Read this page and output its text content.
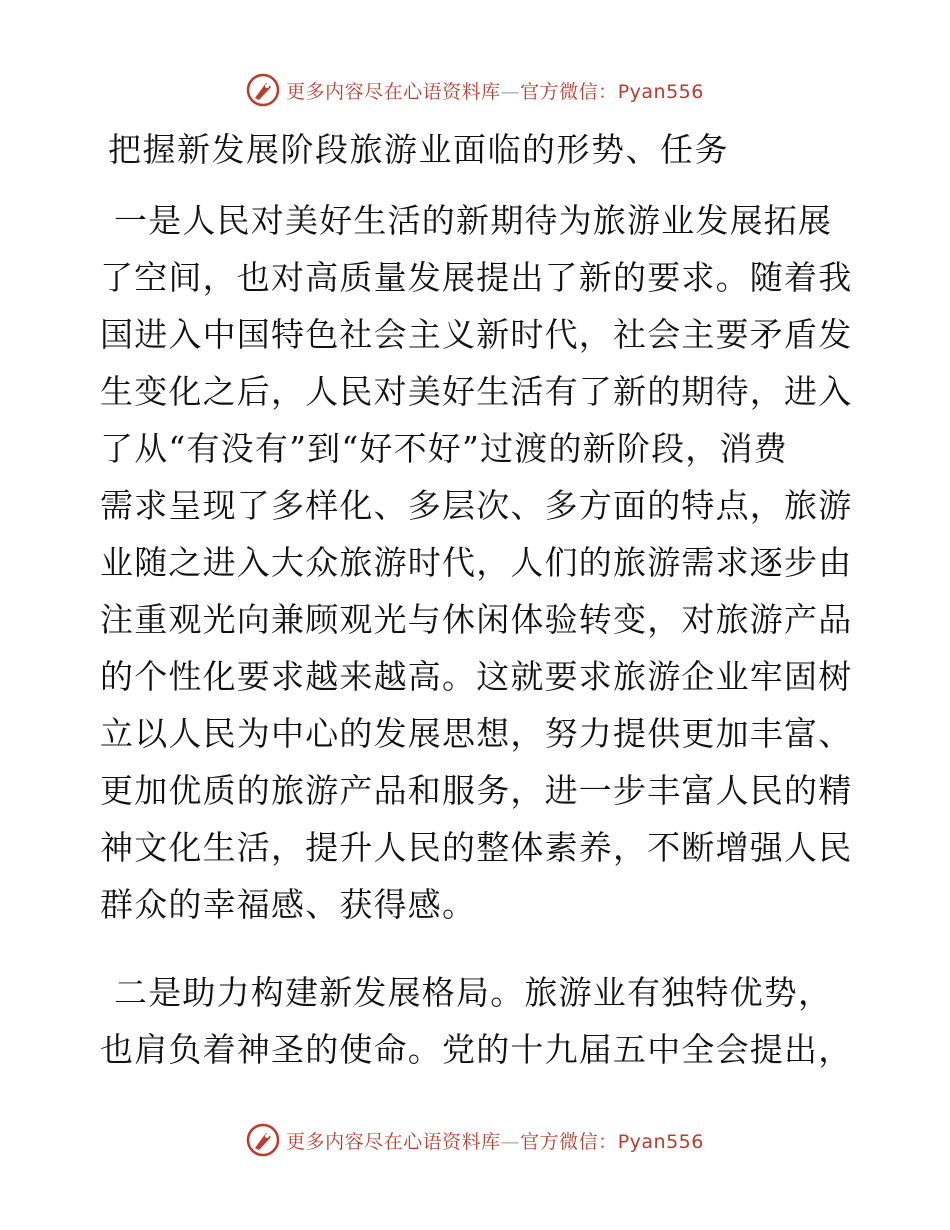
更多内容尽在心语资料库—官方微信：Pyan556
把握新发展阶段旅游业面临的形势、任务

一是人民对美好生活的新期待为旅游业发展拓展
了空间，也对高质量发展提出了新的要求。随着我
国进入中国特色社会主义新时代，社会主要矛盾发
生变化之后，人民对美好生活有了新的期待，进入
了从“有没有”到“好不好”过渡的新阶段，消费
需求呈现了多样化、多层次、多方面的特点，旅游
业随之进入大众旅游时代，人们的旅游需求逐步由
注重观光向兼顾观光与休闲体验转变，对旅游产品
的个性化要求越来越高。这就要求旅游企业牢固树
立以人民为中心的发展思想，努力提供更加丰富、
更加优质的旅游产品和服务，进一步丰富人民的精
神文化生活，提升人民的整体素养，不断增强人民
群众的幸福感、获得感。

二是助力构建新发展格局。旅游业有独特优势，
也肩负着神圣的使命。党的十九届五中全会提出，

更多内容尽在心语资料库—官方微信：Pyan556
